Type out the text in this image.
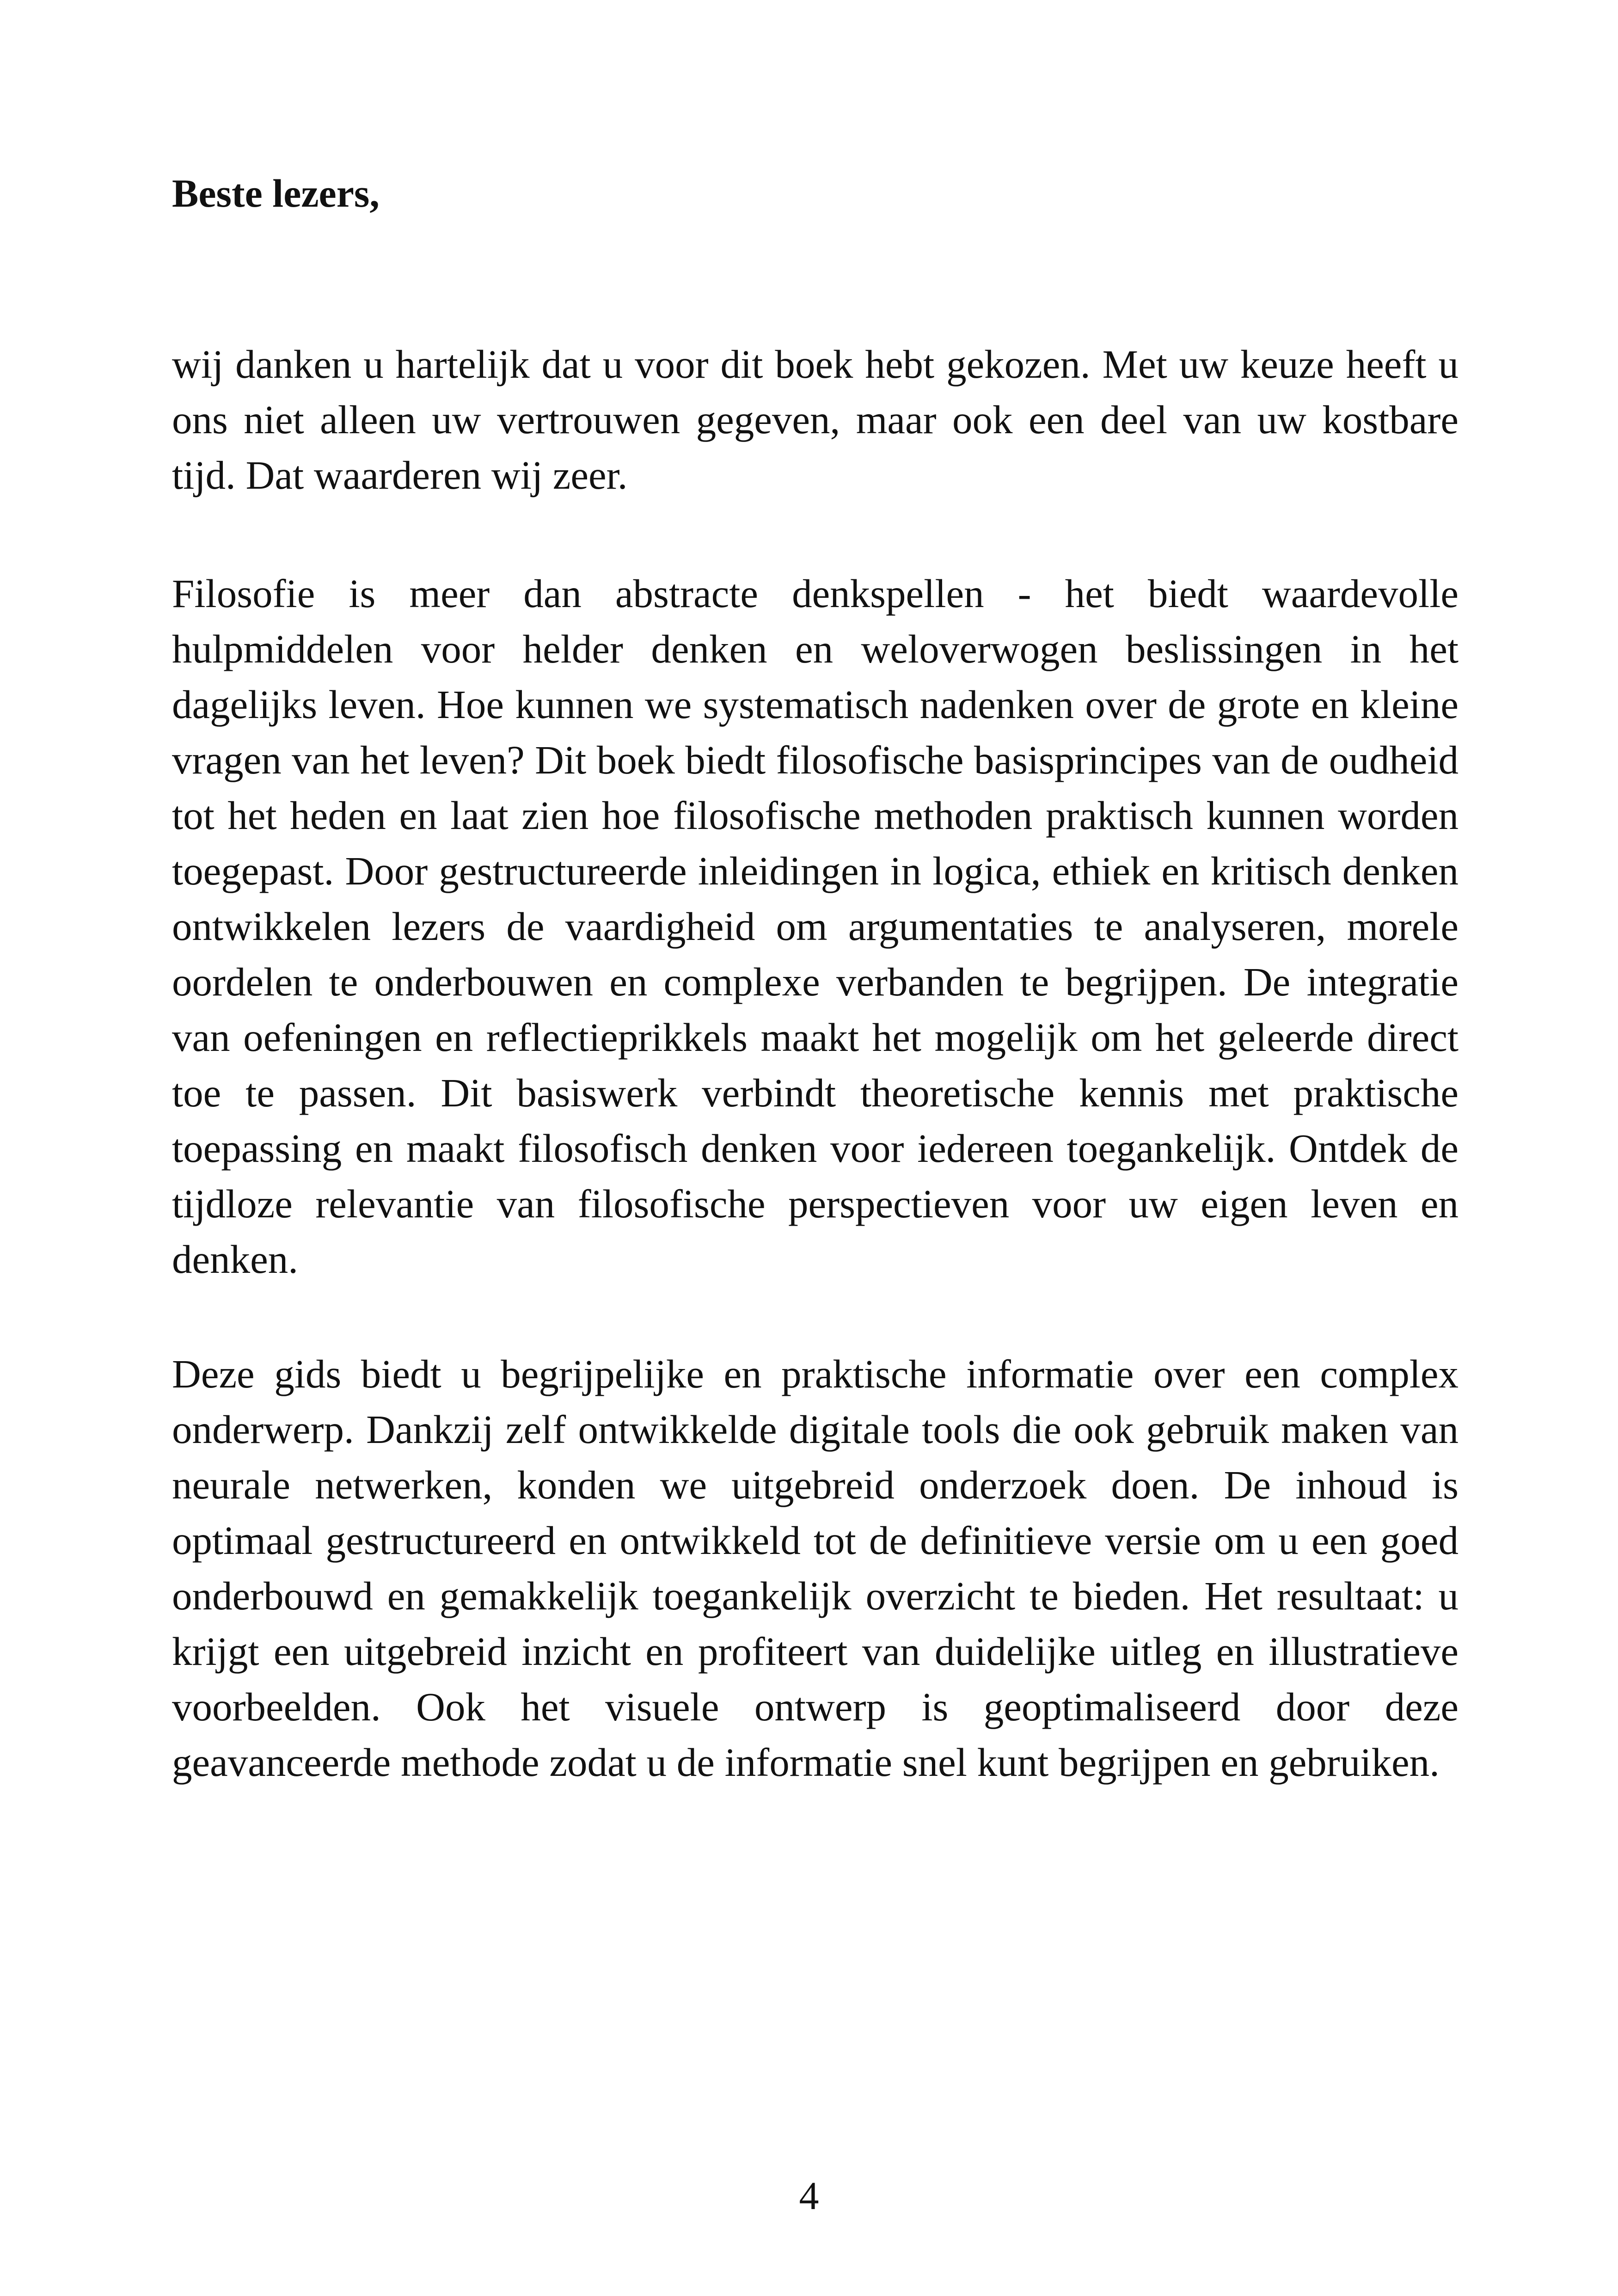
Beste lezers,

wij danken u hartelijk dat u voor dit boek hebt gekozen. Met uw keuze heeft u ons niet alleen uw vertrouwen gegeven, maar ook een deel van uw kostbare tijd. Dat waarderen wij zeer.

Filosofie is meer dan abstracte denkspellen - het biedt waardevolle hulpmiddelen voor helder denken en weloverwogen beslissingen in het dagelijks leven. Hoe kunnen we systematisch nadenken over de grote en kleine vragen van het leven? Dit boek biedt filosofische basisprincipes van de oudheid tot het heden en laat zien hoe filosofische methoden praktisch kunnen worden toegepast. Door gestructureerde inleidingen in logica, ethiek en kritisch denken ontwikkelen lezers de vaardigheid om argumentaties te analyseren, morele oordelen te onderbouwen en complexe verbanden te begrijpen. De integratie van oefeningen en reflectieprikkels maakt het mogelijk om het geleerde direct toe te passen. Dit basiswerk verbindt theoretische kennis met praktische toepassing en maakt filosofisch denken voor iedereen toegankelijk. Ontdek de tijdloze relevantie van filosofische perspectieven voor uw eigen leven en denken.

Deze gids biedt u begrijpelijke en praktische informatie over een complex onderwerp. Dankzij zelf ontwikkelde digitale tools die ook gebruik maken van neurale netwerken, konden we uitgebreid onderzoek doen. De inhoud is optimaal gestructureerd en ontwikkeld tot de definitieve versie om u een goed onderbouwd en gemakkelijk toegankelijk overzicht te bieden. Het resultaat: u krijgt een uitgebreid inzicht en profiteert van duidelijke uitleg en illustratieve voorbeelden. Ook het visuele ontwerp is geoptimaliseerd door deze geavanceerde methode zodat u de informatie snel kunt begrijpen en gebruiken.

4
